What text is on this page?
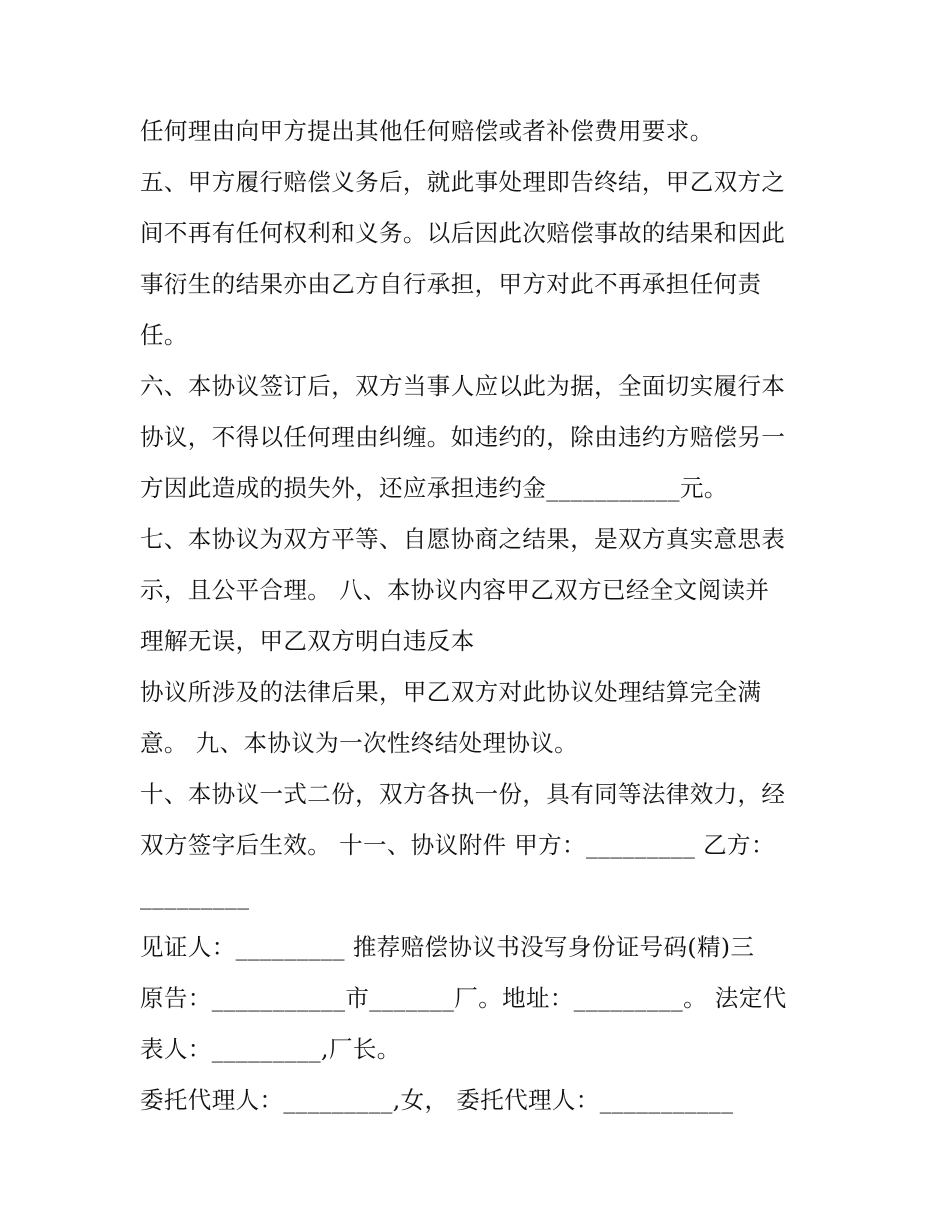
任何理由向甲方提出其他任何赔偿或者补偿费用要求。
五、甲方履行赔偿义务后，就此事处理即告终结，甲乙双方之
间不再有任何权利和义务。以后因此次赔偿事故的结果和因此
事衍生的结果亦由乙方自行承担，甲方对此不再承担任何责
任。
六、本协议签订后，双方当事人应以此为据，全面切实履行本
协议，不得以任何理由纠缠。如违约的，除由违约方赔偿另一
方因此造成的损失外，还应承担违约金___________元。
七、本协议为双方平等、自愿协商之结果，是双方真实意思表
示，且公平合理。 八、本协议内容甲乙双方已经全文阅读并
理解无误，甲乙双方明白违反本
协议所涉及的法律后果，甲乙双方对此协议处理结算完全满
意。 九、本协议为一次性终结处理协议。
十、本协议一式二份，双方各执一份，具有同等法律效力，经
双方签字后生效。 十一、协议附件 甲方：_________ 乙方：
_________
见证人：_________ 推荐赔偿协议书没写身份证号码(精)三
原告：___________市_______厂。地址：_________。 法定代
表人：_________,厂长。
委托代理人：_________,女， 委托代理人：___________
